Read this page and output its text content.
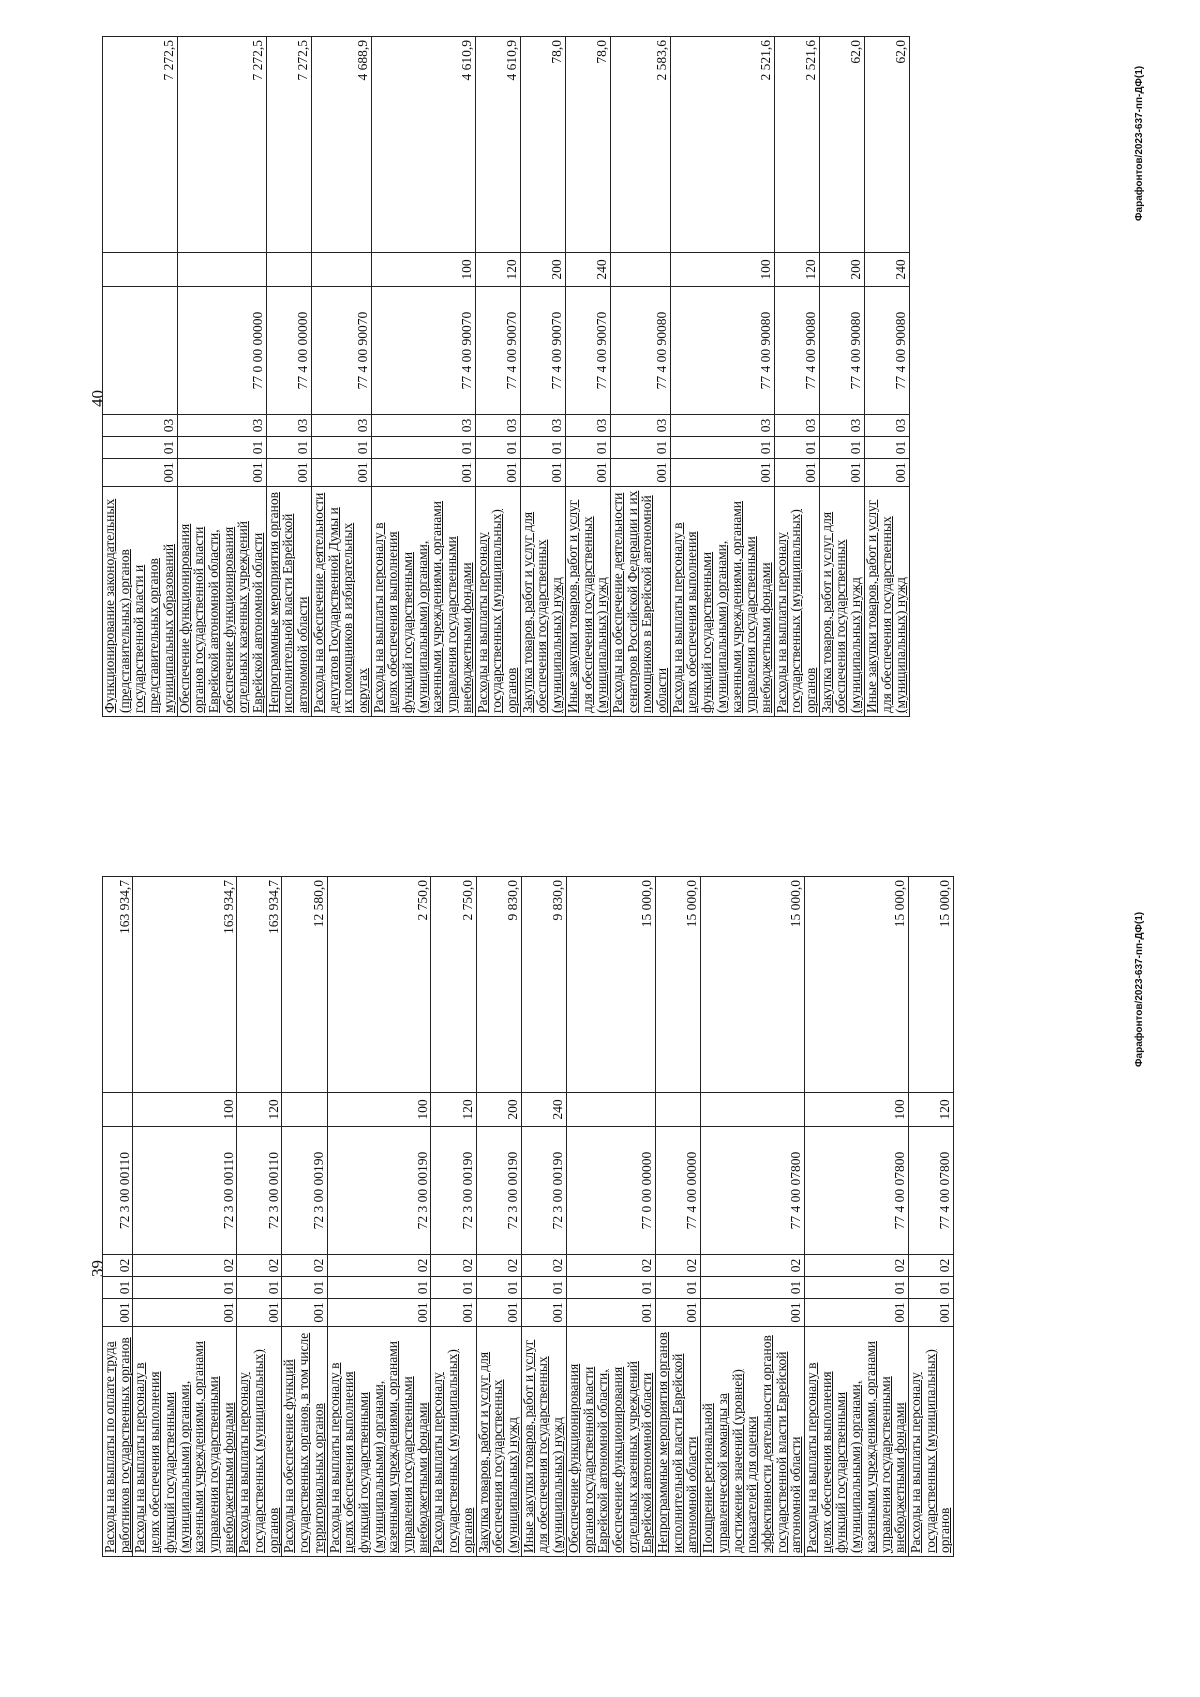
39
Расходы на выплаты по оплате труда работников государственных органов	001	01	02	72 3 00 00110		163 934,7
Расходы на выплаты персоналу в целях обеспечения выполнения функций государственными (муниципальными) органами, казенными учреждениями, органами управления государственными внебюджетными фондами	001	01	02	72 3 00 00110	100	163 934,7
Расходы на выплаты персоналу государственных (муниципальных) органов	001	01	02	72 3 00 00110	120	163 934,7
Расходы на обеспечение функций государственных органов, в том числе территориальных органов	001	01	02	72 3 00 00190		12 580,0
Расходы на выплаты персоналу в целях обеспечения выполнения функций государственными (муниципальными) органами, казенными учреждениями, органами управления государственными внебюджетными фондами	001	01	02	72 3 00 00190	100	2 750,0
Расходы на выплаты персоналу государственных (муниципальных) органов	001	01	02	72 3 00 00190	120	2 750,0
Закупка товаров, работ и услуг для обеспечения государственных (муниципальных) нужд	001	01	02	72 3 00 00190	200	9 830,0
Иные закупки товаров, работ и услуг для обеспечения государственных (муниципальных) нужд	001	01	02	72 3 00 00190	240	9 830,0
Обеспечение функционирования органов государственной власти Еврейской автономной области, обеспечение функционирования отдельных казенных учреждений Еврейской автономной области	001	01	02	77 0 00 00000		15 000,0
Непрограммные мероприятия органов исполнительной власти Еврейской автономной области	001	01	02	77 4 00 00000		15 000,0
Поощрение региональной управленческой команды за достижение значений (уровней) показателей для оценки эффективности деятельности органов государственной власти Еврейской автономной области	001	01	02	77 4 00 07800		15 000,0
Расходы на выплаты персоналу в целях обеспечения выполнения функций государственными (муниципальными) органами, казенными учреждениями, органами управления государственными внебюджетными фондами	001	01	02	77 4 00 07800	100	15 000,0
Расходы на выплаты персоналу государственных (муниципальных) органов	001	01	02	77 4 00 07800	120	15 000,0
Фарафонтов/2023-637-пп-ДФ(1)
40
Функционирование законодательных (представительных) органов государственной власти и представительных органов муниципальных образований	001	01	03			7 272,5
Обеспечение функционирования органов государственной власти Еврейской автономной области, обеспечение функционирования отдельных казенных учреждений Еврейской автономной области	001	01	03	77 0 00 00000		7 272,5
Непрограммные мероприятия органов исполнительной власти Еврейской автономной области	001	01	03	77 4 00 00000		7 272,5
Расходы на обеспечение деятельности депутатов Государственной Думы и их помощников в избирательных округах	001	01	03	77 4 00 90070		4 688,9
Расходы на выплаты персоналу в целях обеспечения выполнения функций государственными (муниципальными) органами, казенными учреждениями, органами управления государственными внебюджетными фондами	001	01	03	77 4 00 90070	100	4 610,9
Расходы на выплаты персоналу государственных (муниципальных) органов	001	01	03	77 4 00 90070	120	4 610,9
Закупка товаров, работ и услуг для обеспечения государственных (муниципальных) нужд	001	01	03	77 4 00 90070	200	78,0
Иные закупки товаров, работ и услуг для обеспечения государственных (муниципальных) нужд	001	01	03	77 4 00 90070	240	78,0
Расходы на обеспечение деятельности сенаторов Российской Федерации и их помощников в Еврейской автономной области	001	01	03	77 4 00 90080		2 583,6
Расходы на выплаты персоналу в целях обеспечения выполнения функций государственными (муниципальными) органами, казенными учреждениями, органами управления государственными внебюджетными фондами	001	01	03	77 4 00 90080	100	2 521,6
Расходы на выплаты персоналу государственных (муниципальных) органов	001	01	03	77 4 00 90080	120	2 521,6
Закупка товаров, работ и услуг для обеспечения государственных (муниципальных) нужд	001	01	03	77 4 00 90080	200	62,0
Иные закупки товаров, работ и услуг для обеспечения государственных (муниципальных) нужд	001	01	03	77 4 00 90080	240	62,0
Фарафонтов/2023-637-пп-ДФ(1)
